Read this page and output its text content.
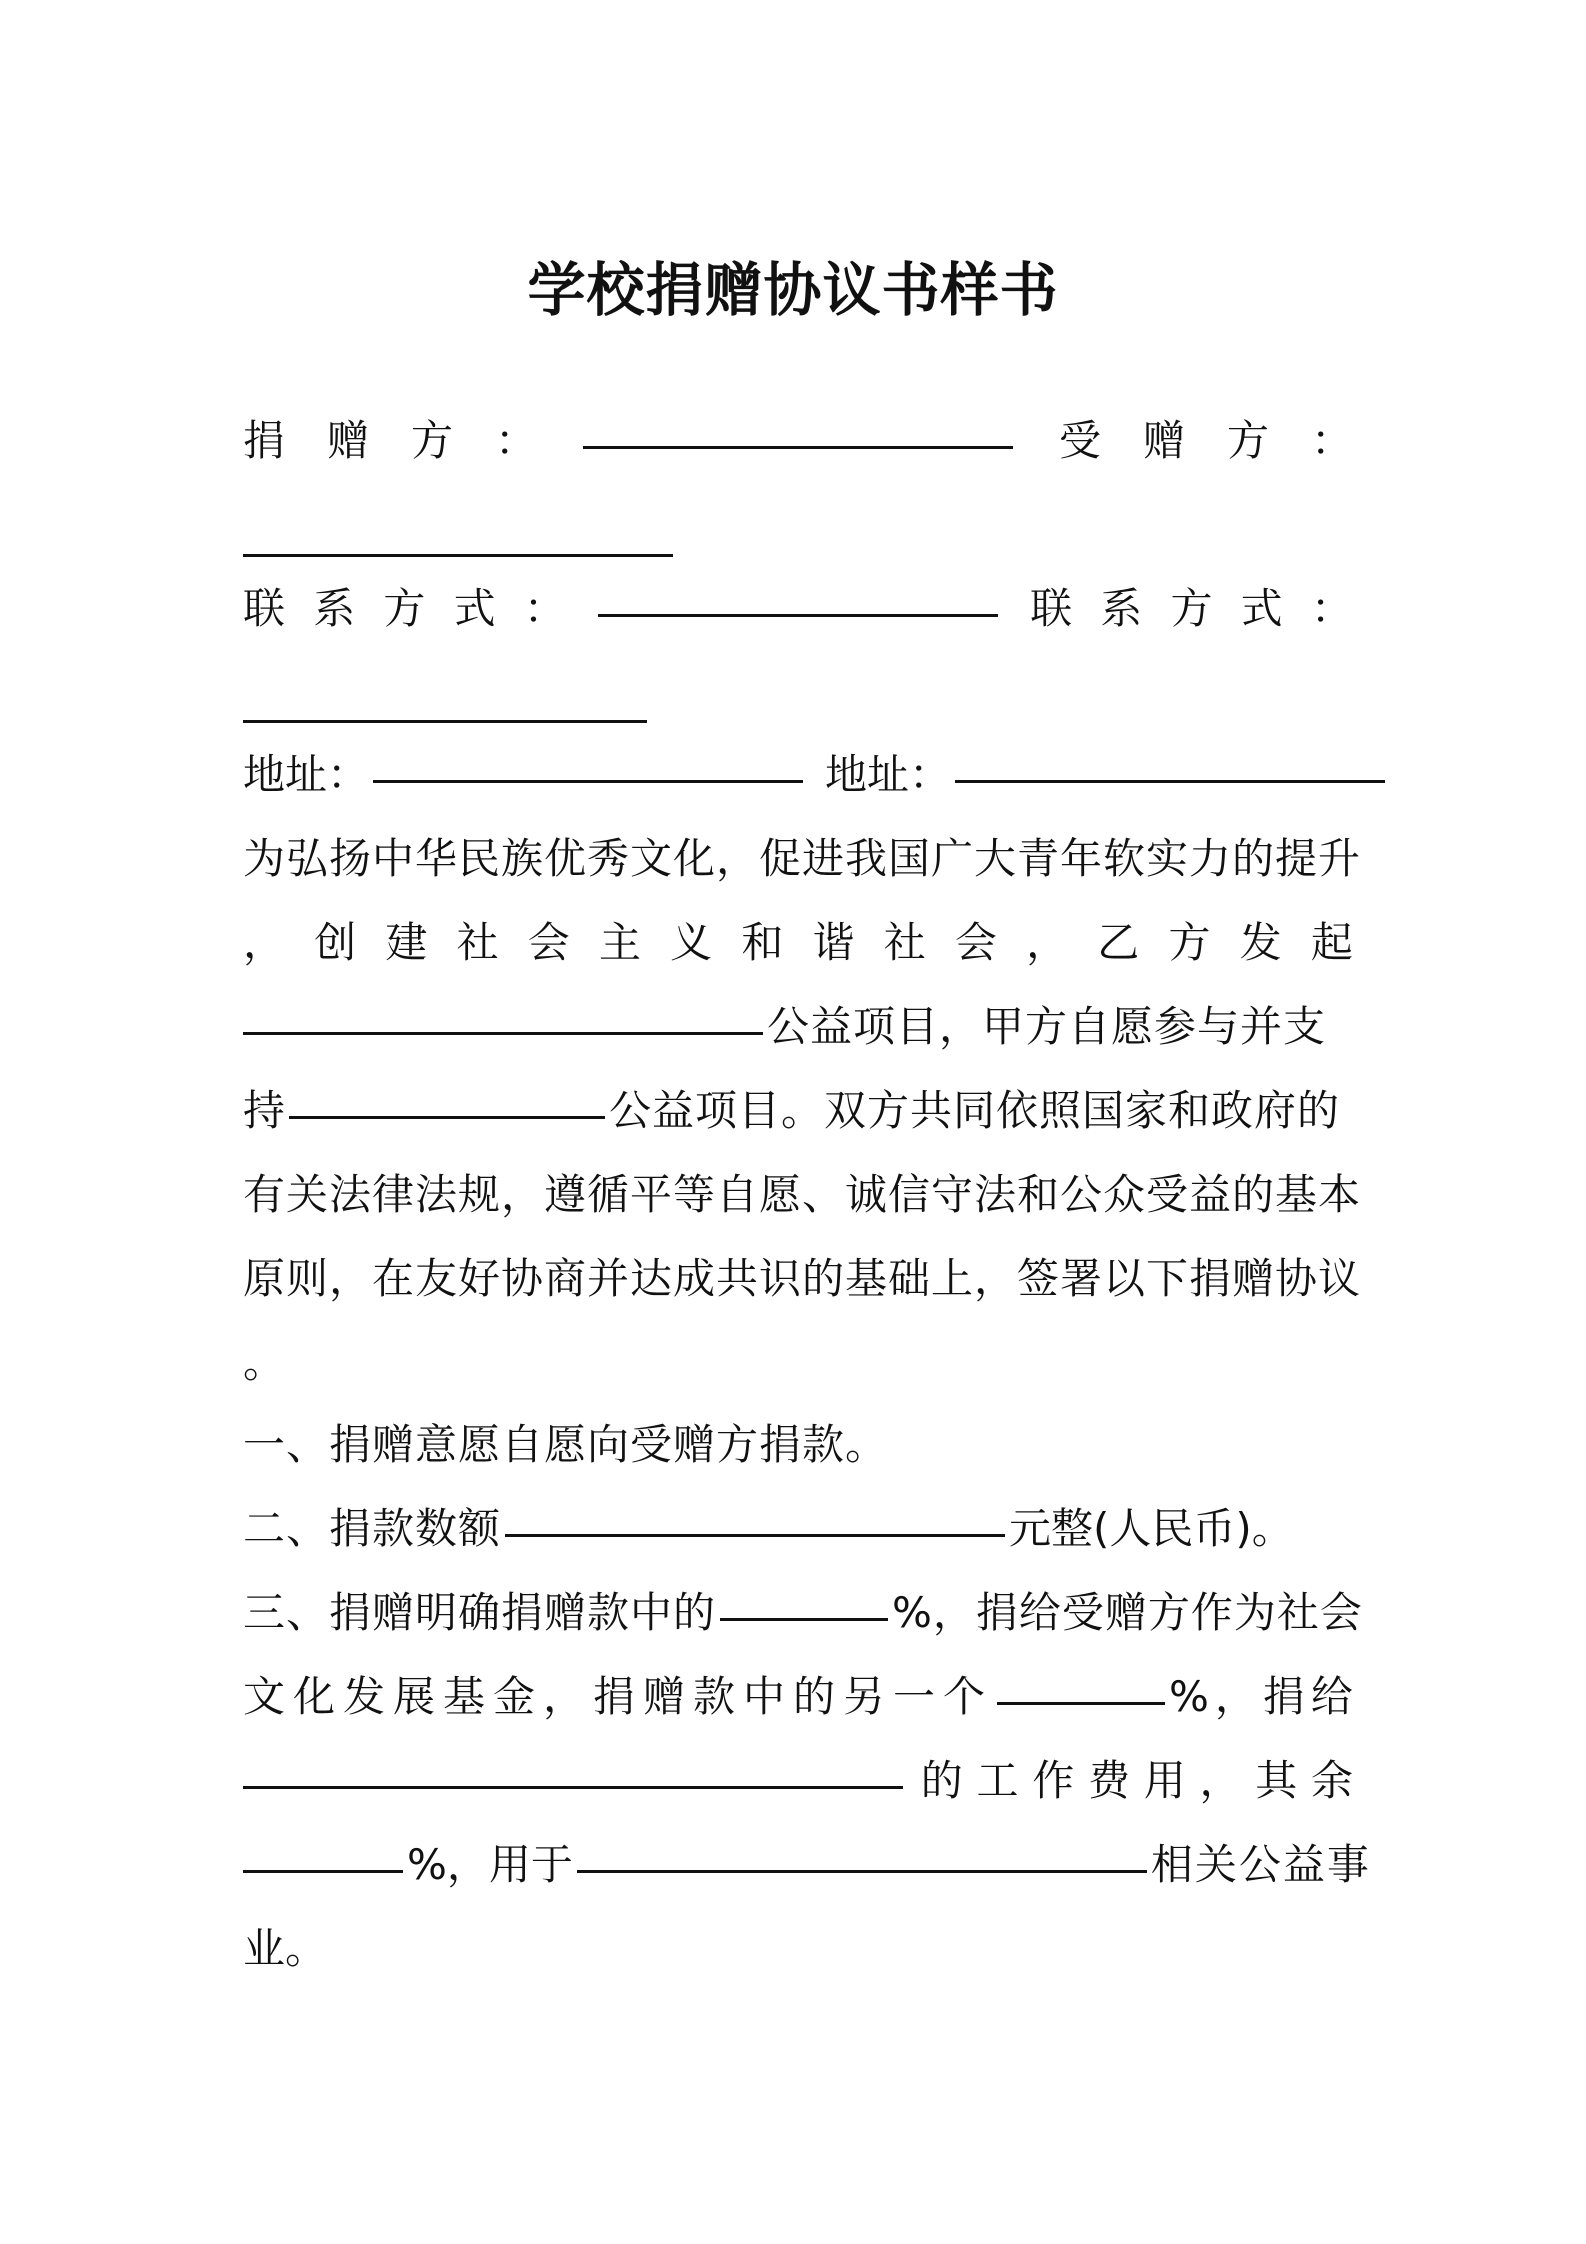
学校捐赠协议书样书
捐 赠 方 ：	受 赠 方 ：
联 系 方 式 ：	联 系 方 式 ：
地址：	地址：
为弘扬中华民族优秀文化，促进我国广大青年软实力的提升
， 创 建 社 会 主 义 和 谐 社 会 ， 乙 方 发 起
公益项目，甲方自愿参与并支
持	公益项目。双方共同依照国家和政府的
有关法律法规，遵循平等自愿、诚信守法和公众受益的基本
原则，在友好协商并达成共识的基础上，签署以下捐赠协议
。
一、捐赠意愿自愿向受赠方捐款。
二、捐款数额	元整(人民币)。
三、捐赠明确捐赠款中的	%，捐给受赠方作为社会
文化发展基金，捐赠款中的另一个	%，捐给
的 工 作 费 用 ， 其 余
%，用于	相关公益事
业。
